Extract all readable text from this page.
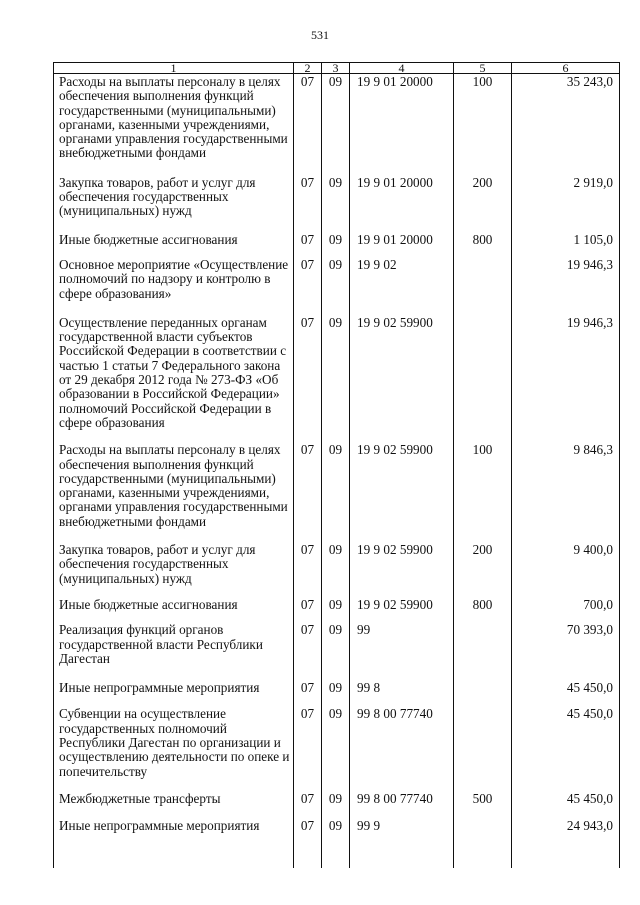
531
1	2	3	4	5	6
Расходы на выплаты персоналу в целях обеспечения выполнения функций государственными (муниципальными) органами, казенными учреждениями, органами управления государственными внебюджетными фондами	07	09	19 9 01 20000	100	35 243,0
Закупка товаров, работ и услуг для обеспечения государственных (муниципальных) нужд	07	09	19 9 01 20000	200	2 919,0
Иные бюджетные ассигнования	07	09	19 9 01 20000	800	1 105,0
Основное мероприятие «Осуществление полномочий по надзору и контролю в сфере образования»	07	09	19 9 02		19 946,3
Осуществление переданных органам государственной власти субъектов Российской Федерации в соответствии с частью 1 статьи 7 Федерального закона от 29 декабря 2012 года № 273-ФЗ «Об образовании в Российской Федерации» полномочий Российской Федерации в сфере образования	07	09	19 9 02 59900		19 946,3
Расходы на выплаты персоналу в целях обеспечения выполнения функций государственными (муниципальными) органами, казенными учреждениями, органами управления государственными внебюджетными фондами	07	09	19 9 02 59900	100	9 846,3
Закупка товаров, работ и услуг для обеспечения государственных (муниципальных) нужд	07	09	19 9 02 59900	200	9 400,0
Иные бюджетные ассигнования	07	09	19 9 02 59900	800	700,0
Реализация функций органов государственной власти Республики Дагестан	07	09	99		70 393,0
Иные непрограммные мероприятия	07	09	99 8		45 450,0
Субвенции на осуществление государственных полномочий Республики Дагестан по организации и осуществлению деятельности по опеке и попечительству	07	09	99 8 00 77740		45 450,0
Межбюджетные трансферты	07	09	99 8 00 77740	500	45 450,0
Иные непрограммные мероприятия	07	09	99 9		24 943,0
